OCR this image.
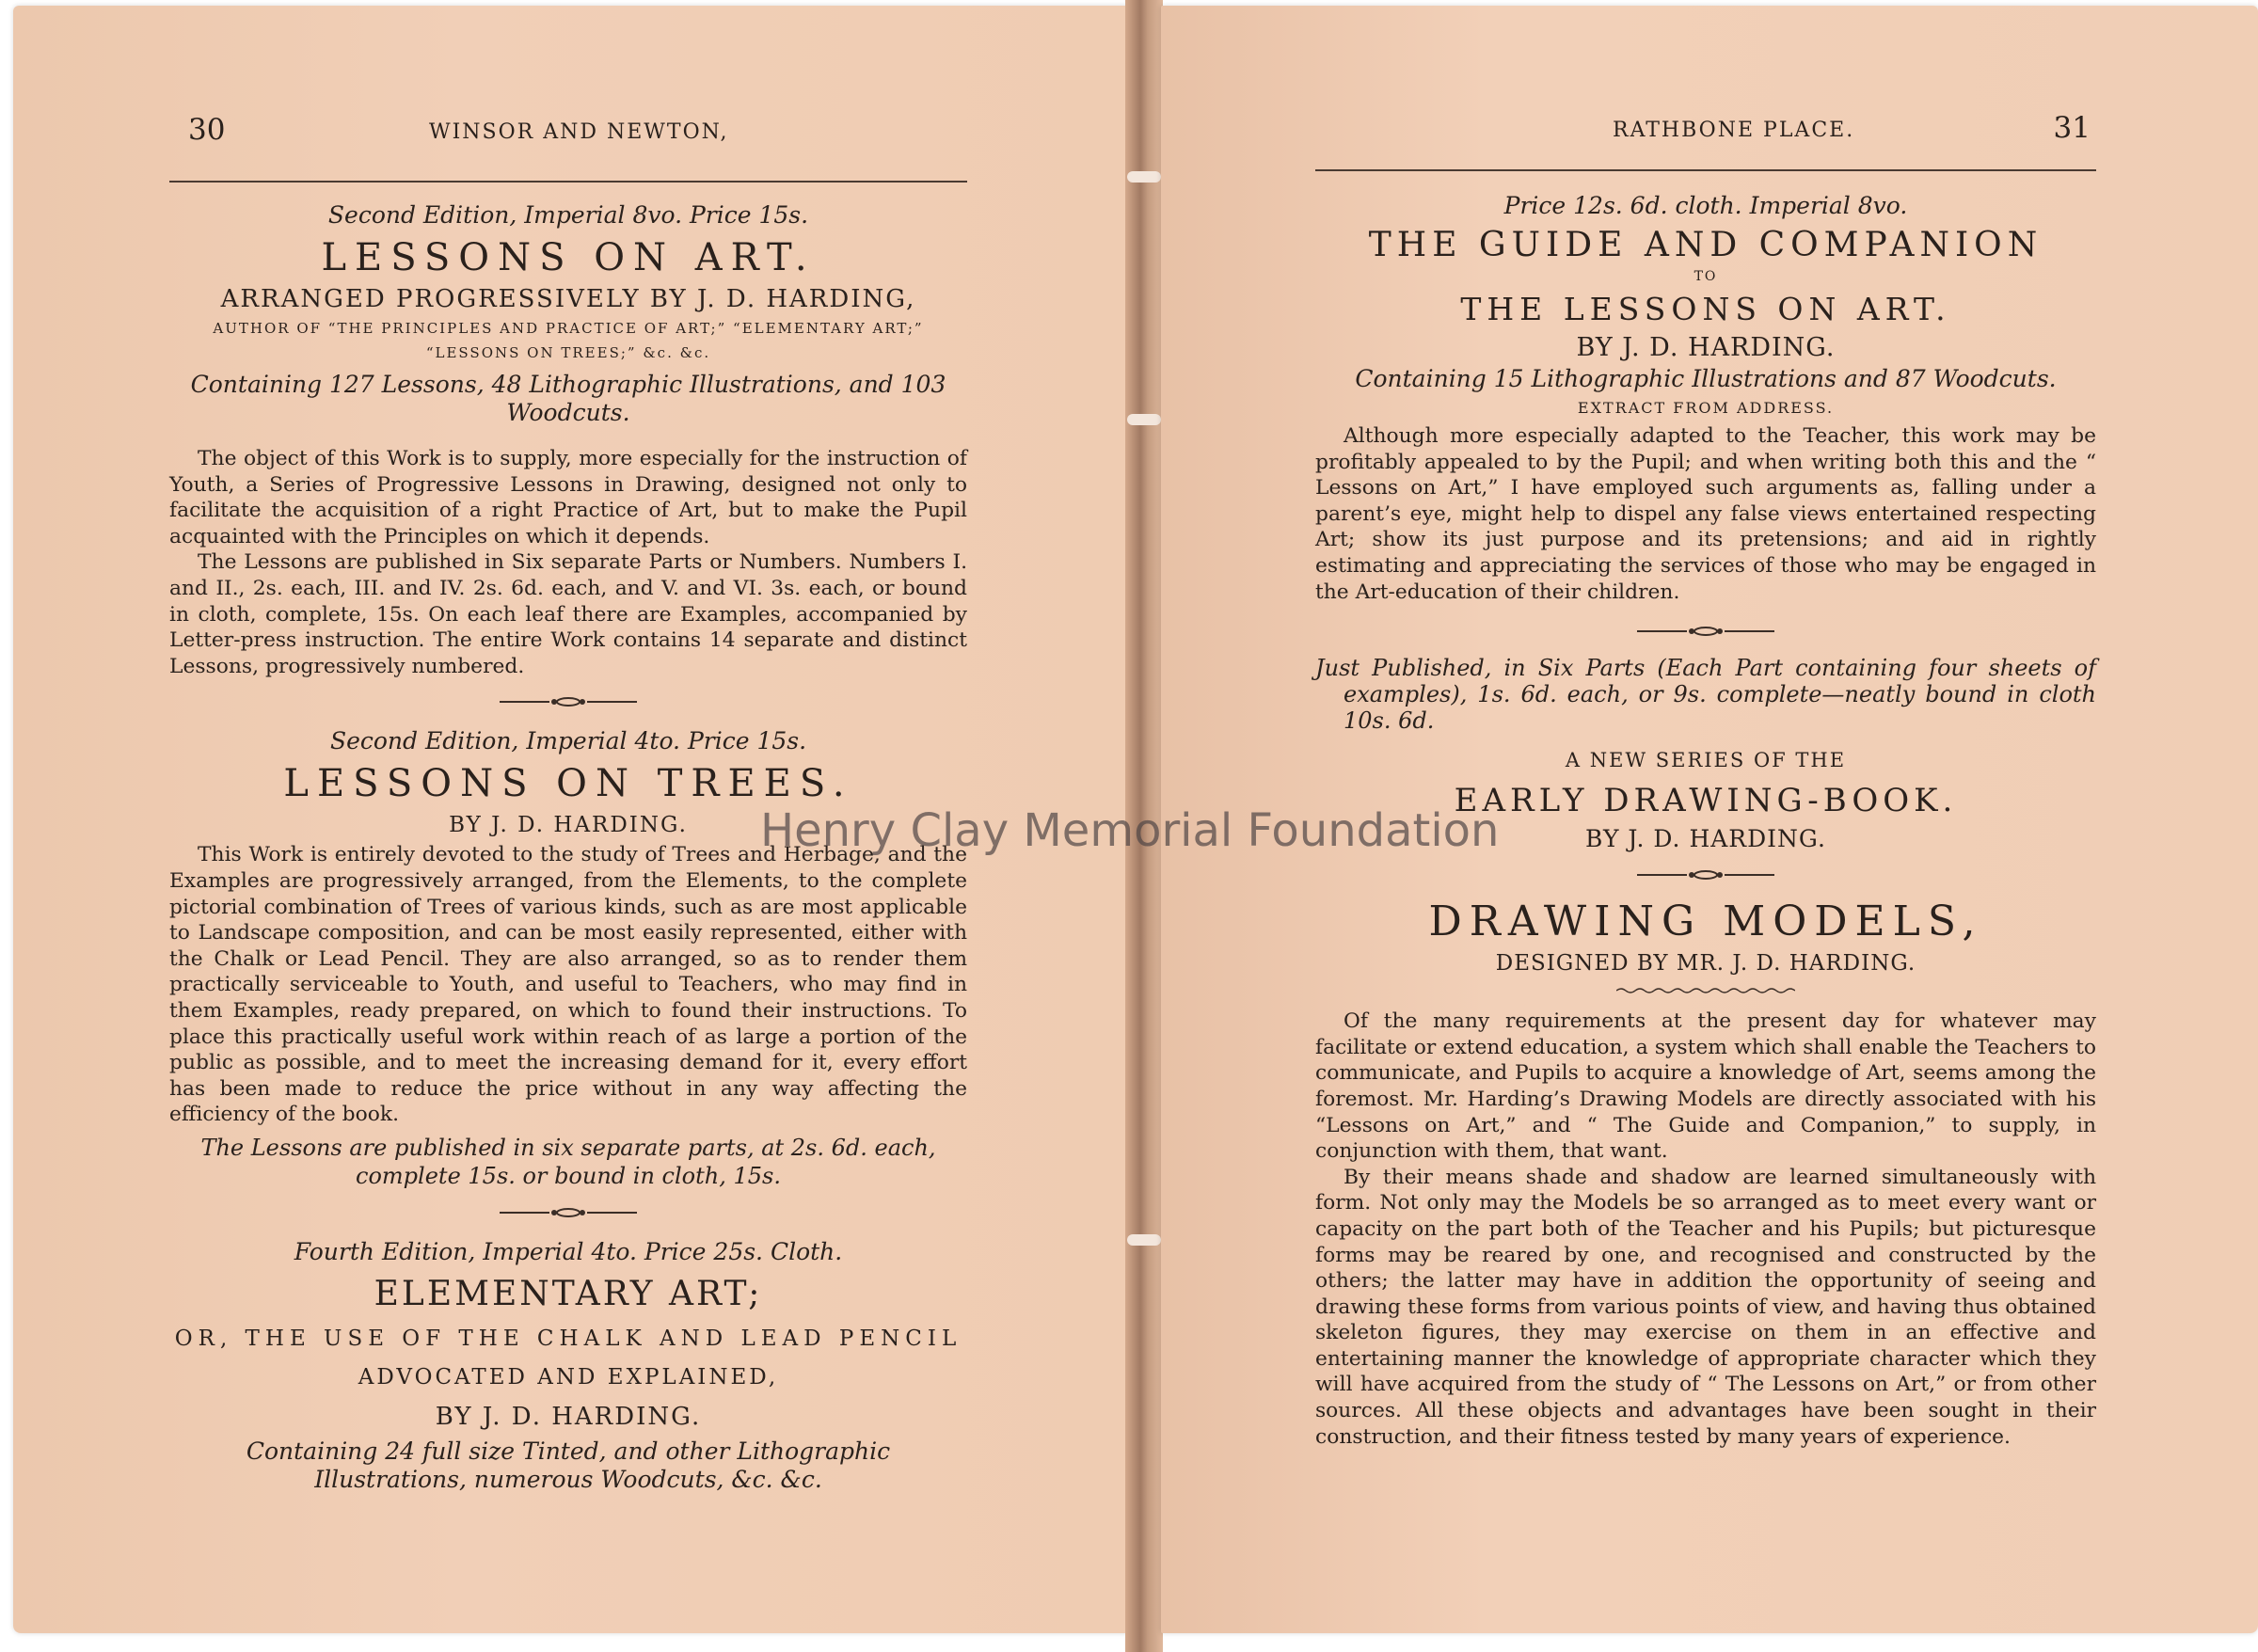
30	WINSOR AND NEWTON,

Second Edition, Imperial 8vo. Price 15s.

LESSONS ON ART.

ARRANGED PROGRESSIVELY BY J. D. HARDING,

AUTHOR OF “THE PRINCIPLES AND PRACTICE OF ART;” “ELEMENTARY ART;”

“LESSONS ON TREES;” &c. &c.

Containing 127 Lessons, 48 Lithographic Illustrations, and 103 Woodcuts.

The object of this Work is to supply, more especially for the instruction of Youth, a Series of Progressive Lessons in Drawing, designed not only to facilitate the acquisition of a right Practice of Art, but to make the Pupil acquainted with the Principles on which it depends.

The Lessons are published in Six separate Parts or Numbers. Numbers I. and II., 2s. each, III. and IV. 2s. 6d. each, and V. and VI. 3s. each, or bound in cloth, complete, 15s. On each leaf there are Examples, accompanied by Letter-press instruction. The entire Work contains 14 separate and distinct Lessons, progressively numbered.

Second Edition, Imperial 4to. Price 15s.

LESSONS ON TREES.

BY J. D. HARDING.

This Work is entirely devoted to the study of Trees and Herbage, and the Examples are progressively arranged, from the Elements, to the complete pictorial combination of Trees of various kinds, such as are most applicable to Landscape composition, and can be most easily represented, either with the Chalk or Lead Pencil. They are also arranged, so as to render them practically serviceable to Youth, and useful to Teachers, who may find in them Examples, ready prepared, on which to found their instructions. To place this practically useful work within reach of as large a portion of the public as possible, and to meet the increasing demand for it, every effort has been made to reduce the price without in any way affecting the efficiency of the book.

The Lessons are published in six separate parts, at 2s. 6d. each, complete 15s. or bound in cloth, 15s.

Fourth Edition, Imperial 4to. Price 25s. Cloth.

ELEMENTARY ART;

OR, THE USE OF THE CHALK AND LEAD PENCIL

ADVOCATED AND EXPLAINED,

BY J. D. HARDING.

Containing 24 full size Tinted, and other Lithographic Illustrations, numerous Woodcuts, &c. &c.

RATHBONE PLACE.	31

Price 12s. 6d. cloth. Imperial 8vo.

THE GUIDE AND COMPANION

TO

THE LESSONS ON ART.

BY J. D. HARDING.

Containing 15 Lithographic Illustrations and 87 Woodcuts.

EXTRACT FROM ADDRESS.

Although more especially adapted to the Teacher, this work may be profitably appealed to by the Pupil; and when writing both this and the “ Lessons on Art,” I have employed such arguments as, falling under a parent’s eye, might help to dispel any false views entertained respecting Art; show its just purpose and its pretensions; and aid in rightly estimating and appreciating the services of those who may be engaged in the Art-education of their children.

Just Published, in Six Parts (Each Part containing four sheets of examples), 1s. 6d. each, or 9s. complete—neatly bound in cloth 10s. 6d.

A NEW SERIES OF THE

EARLY DRAWING-BOOK.

BY J. D. HARDING.

DRAWING MODELS,

DESIGNED BY MR. J. D. HARDING.

Of the many requirements at the present day for whatever may facilitate or extend education, a system which shall enable the Teachers to communicate, and Pupils to acquire a knowledge of Art, seems among the foremost. Mr. Harding’s Drawing Models are directly associated with his “Lessons on Art,” and “ The Guide and Companion,” to supply, in conjunction with them, that want.

By their means shade and shadow are learned simultaneously with form. Not only may the Models be so arranged as to meet every want or capacity on the part both of the Teacher and his Pupils; but picturesque forms may be reared by one, and recognised and constructed by the others; the latter may have in addition the opportunity of seeing and drawing these forms from various points of view, and having thus obtained skeleton figures, they may exercise on them in an effective and entertaining manner the knowledge of appropriate character which they will have acquired from the study of “ The Lessons on Art,” or from other sources. All these objects and advantages have been sought in their construction, and their fitness tested by many years of experience.

Henry Clay Memorial Foundation
